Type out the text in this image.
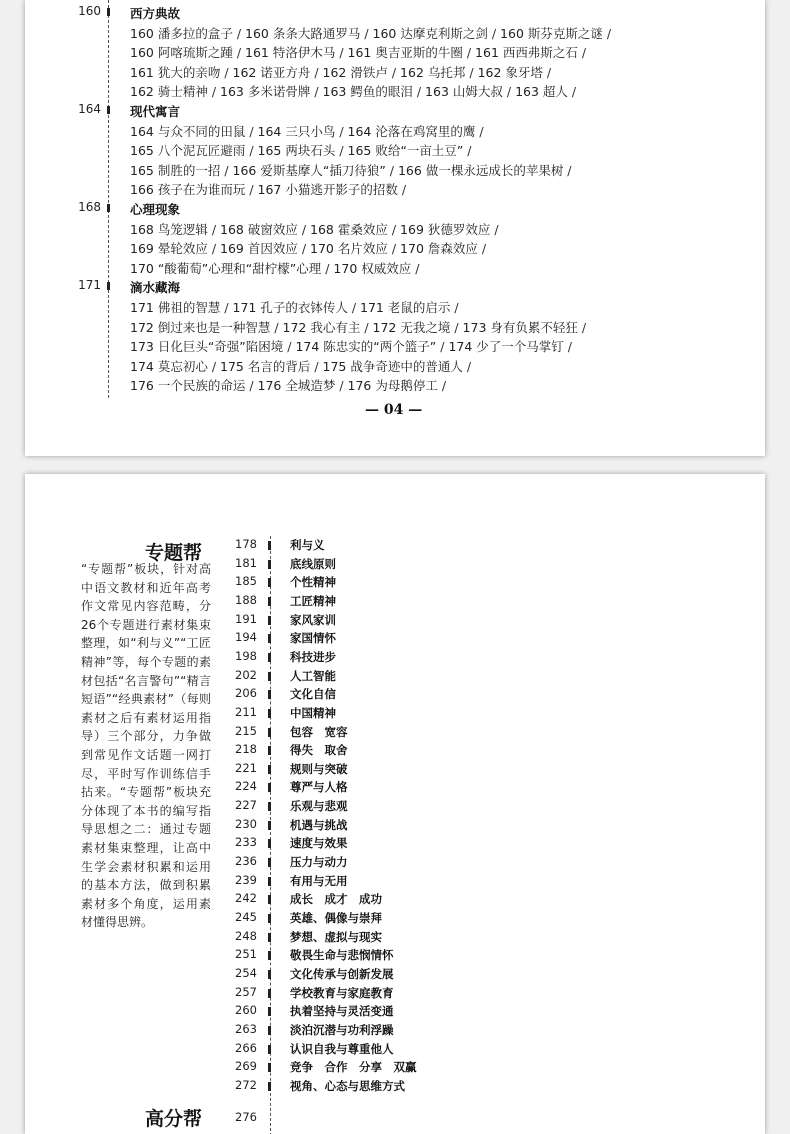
160 西方典故
160 潘多拉的盒子 / 160 条条大路通罗马 / 160 达摩克利斯之剑 / 160 斯芬克斯之谜 /
160 阿喀琉斯之踵 / 161 特洛伊木马 / 161 奥吉亚斯的牛圈 / 161 西西弗斯之石 /
161 犹大的亲吻 / 162 诺亚方舟 / 162 滑铁卢 / 162 乌托邦 / 162 象牙塔 /
162 骑士精神 / 163 多米诺骨牌 / 163 鳄鱼的眼泪 / 163 山姆大叔 / 163 超人 /
164 现代寓言
164 与众不同的田鼠 / 164 三只小鸟 / 164 沦落在鸡窝里的鹰 /
165 八个泥瓦匠避雨 / 165 两块石头 / 165 败给“一亩土豆” /
165 制胜的一招 / 166 爱斯基摩人“插刀待狼” / 166 做一棵永远成长的苹果树 /
166 孩子在为谁而玩 / 167 小猫逃开影子的招数 /
168 心理现象
168 鸟笼逻辑 / 168 破窗效应 / 168 霍桑效应 / 169 狄德罗效应 /
169 晕轮效应 / 169 首因效应 / 170 名片效应 / 170 詹森效应 /
170 “酸葡萄”心理和“甜柠檬”心理 / 170 权威效应 /
171 滴水藏海
171 佛祖的智慧 / 171 孔子的衣钵传人 / 171 老鼠的启示 /
172 倒过来也是一种智慧 / 172 我心有主 / 172 无我之境 / 173 身有负累不轻狂 /
173 日化巨头“奇强”陷困境 / 174 陈忠实的“两个篮子” / 174 少了一个马掌钉 /
174 莫忘初心 / 175 名言的背后 / 175 战争奇迹中的普通人 /
176 一个民族的命运 / 176 全城造梦 / 176 为母鹅停工 /
— 04 —
专题帮
“专题帮”板块，针对高中语文教材和近年高考作文常见内容范畴，分26个专题进行素材集束整理，如“利与义”“工匠精神”等，每个专题的素材包括“名言警句”“精言短语”“经典素材”（每则素材之后有素材运用指导）三个部分，力争做到常见作文话题一网打尽，平时写作训练信手拈来。“专题帮”板块充分体现了本书的编写指导思想之二：通过专题素材集束整理，让高中生学会素材积累和运用的基本方法，做到积累素材多个角度，运用素材懂得思辨。
178	利与义
181	底线原则
185	个性精神
188	工匠精神
191	家风家训
194	家国情怀
198	科技进步
202	人工智能
206	文化自信
211	中国精神
215	包容　宽容
218	得失　取舍
221	规则与突破
224	尊严与人格
227	乐观与悲观
230	机遇与挑战
233	速度与效果
236	压力与动力
239	有用与无用
242	成长　成才　成功
245	英雄、偶像与崇拜
248	梦想、虚拟与现实
251	敬畏生命与悲悯情怀
254	文化传承与创新发展
257	学校教育与家庭教育
260	执着坚持与灵活变通
263	淡泊沉潜与功利浮躁
266	认识自我与尊重他人
269	竞争　合作　分享　双赢
272	视角、心态与思维方式
高分帮	276
